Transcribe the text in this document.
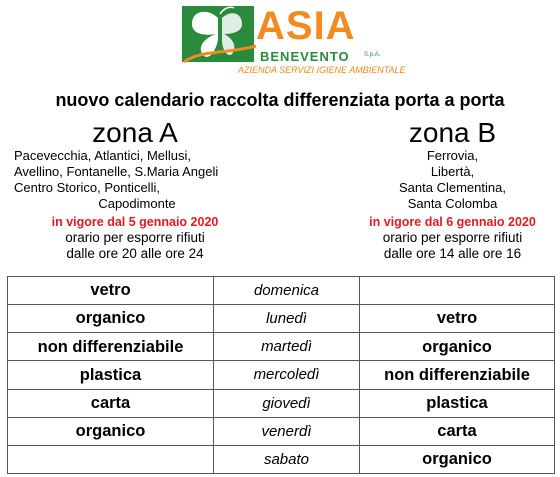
ASIA
BENEVENTO S.p.A.
AZIENDA SERVIZI IGIENE AMBIENTALE
nuovo calendario raccolta differenziata porta a porta
zona A
Pacevecchia, Atlantici, Mellusi,
Avellino, Fontanelle, S.Maria Angeli
Centro Storico, Ponticelli,
Capodimonte
in vigore dal 5 gennaio 2020
orario per esporre rifiuti
dalle ore 20 alle ore 24
zona B
Ferrovia,
Libertà,
Santa Clementina,
Santa Colomba
in vigore dal 6 gennaio 2020
orario per esporre rifiuti
dalle ore 14 alle ore 16
vetro	domenica	
organico	lunedì	vetro
non differenziabile	martedì	organico
plastica	mercoledì	non differenziabile
carta	giovedì	plastica
organico	venerdì	carta
	sabato	organico
